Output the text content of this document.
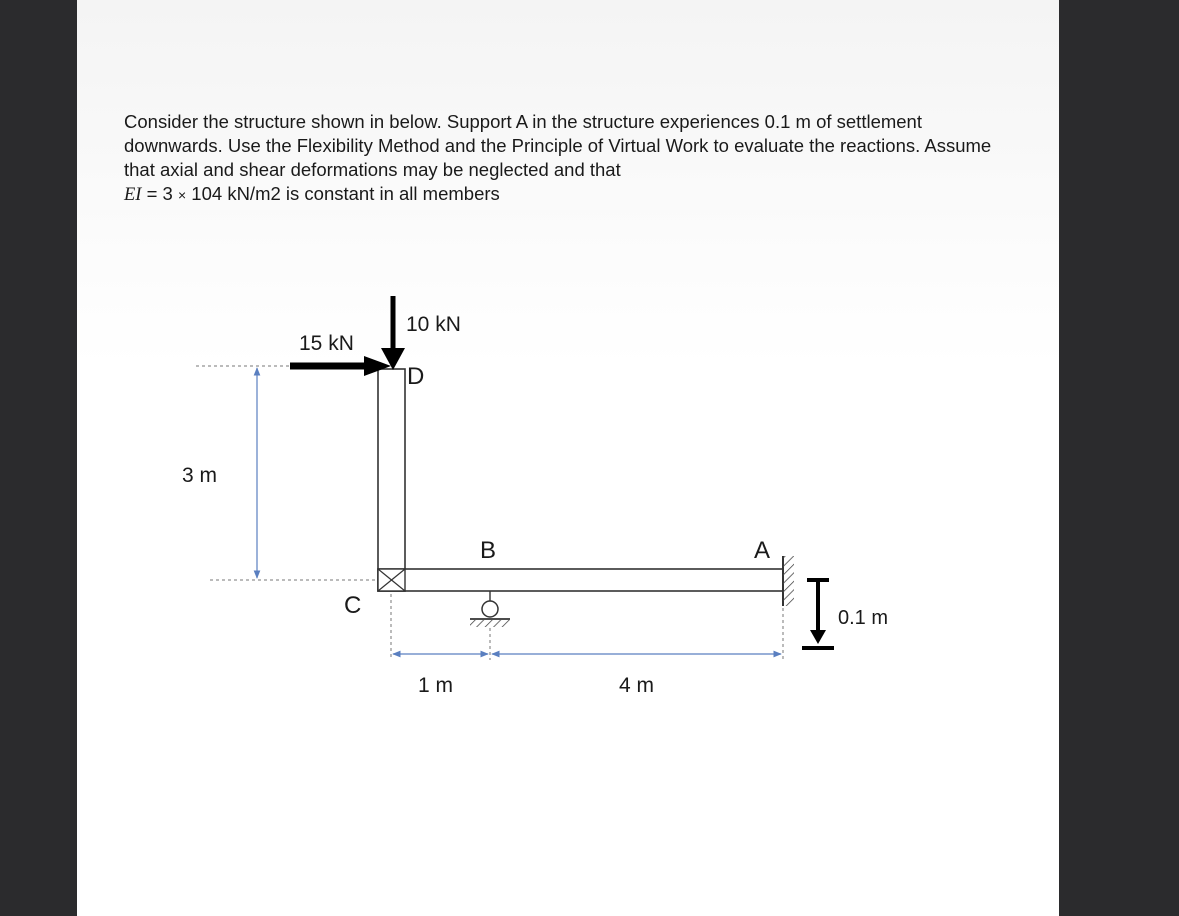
Consider the structure shown in below. Support A in the structure experiences 0.1 m of settlement downwards. Use the Flexibility Method and the Principle of Virtual Work to evaluate the reactions. Assume that axial and shear deformations may be neglected and that
EI = 3 × 104 kN/m2 is constant in all members

15 kN
10 kN
D
C
B	A
3 m
1 m	4 m
0.1 m
